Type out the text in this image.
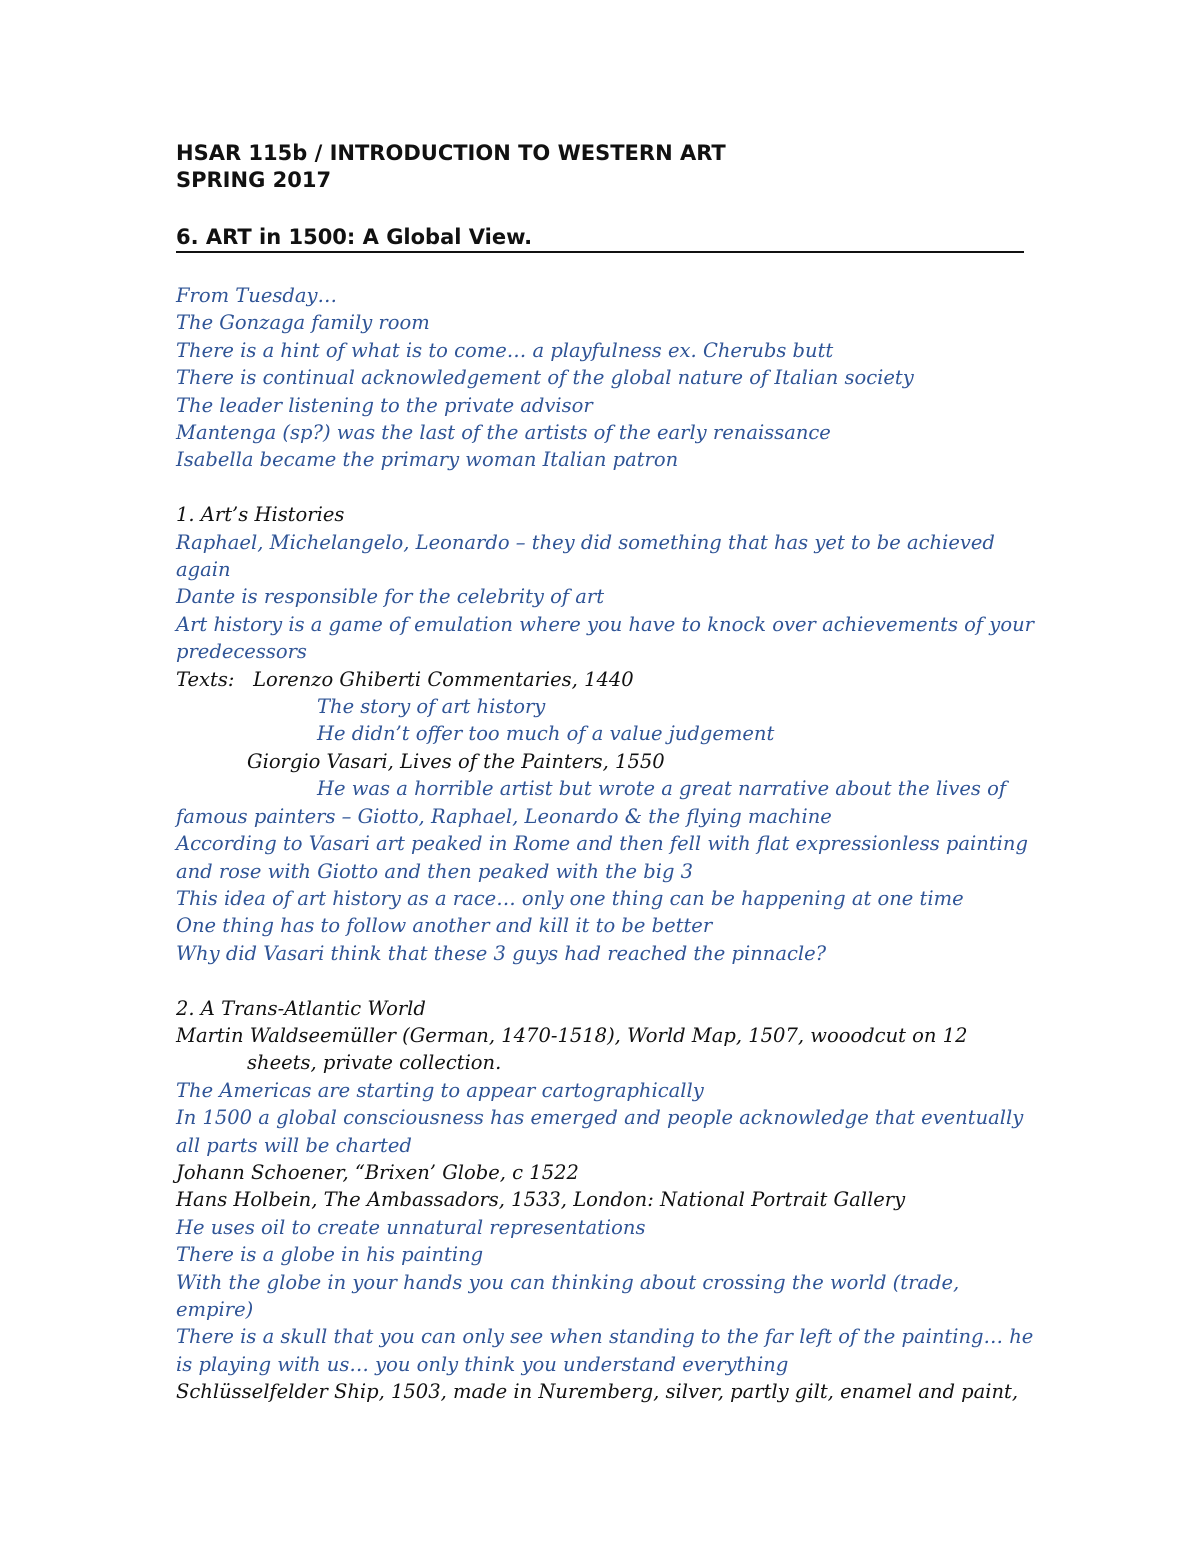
HSAR 115b / INTRODUCTION TO WESTERN ART
SPRING 2017
6. ART in 1500: A Global View.
From Tuesday…
The Gonzaga family room
There is a hint of what is to come… a playfulness ex. Cherubs butt
There is continual acknowledgement of the global nature of Italian society
The leader listening to the private advisor
Mantenga (sp?) was the last of the artists of the early renaissance
Isabella became the primary woman Italian patron
1. Art’s Histories
Raphael, Michelangelo, Leonardo – they did something that has yet to be achieved
again
Dante is responsible for the celebrity of art
Art history is a game of emulation where you have to knock over achievements of your
predecessors
Texts: Lorenzo Ghiberti Commentaries, 1440
The story of art history
He didn’t offer too much of a value judgement
Giorgio Vasari, Lives of the Painters, 1550
He was a horrible artist but wrote a great narrative about the lives of
famous painters – Giotto, Raphael, Leonardo & the flying machine
According to Vasari art peaked in Rome and then fell with flat expressionless painting
and rose with Giotto and then peaked with the big 3
This idea of art history as a race… only one thing can be happening at one time
One thing has to follow another and kill it to be better
Why did Vasari think that these 3 guys had reached the pinnacle?
2. A Trans-Atlantic World
Martin Waldseemüller (German, 1470-1518), World Map, 1507, wooodcut on 12
sheets, private collection.
The Americas are starting to appear cartographically
In 1500 a global consciousness has emerged and people acknowledge that eventually
all parts will be charted
Johann Schoener, “Brixen’ Globe, c 1522
Hans Holbein, The Ambassadors, 1533, London: National Portrait Gallery
He uses oil to create unnatural representations
There is a globe in his painting
With the globe in your hands you can thinking about crossing the world (trade,
empire)
There is a skull that you can only see when standing to the far left of the painting… he
is playing with us… you only think you understand everything
Schlüsselfelder Ship, 1503, made in Nuremberg, silver, partly gilt, enamel and paint,
